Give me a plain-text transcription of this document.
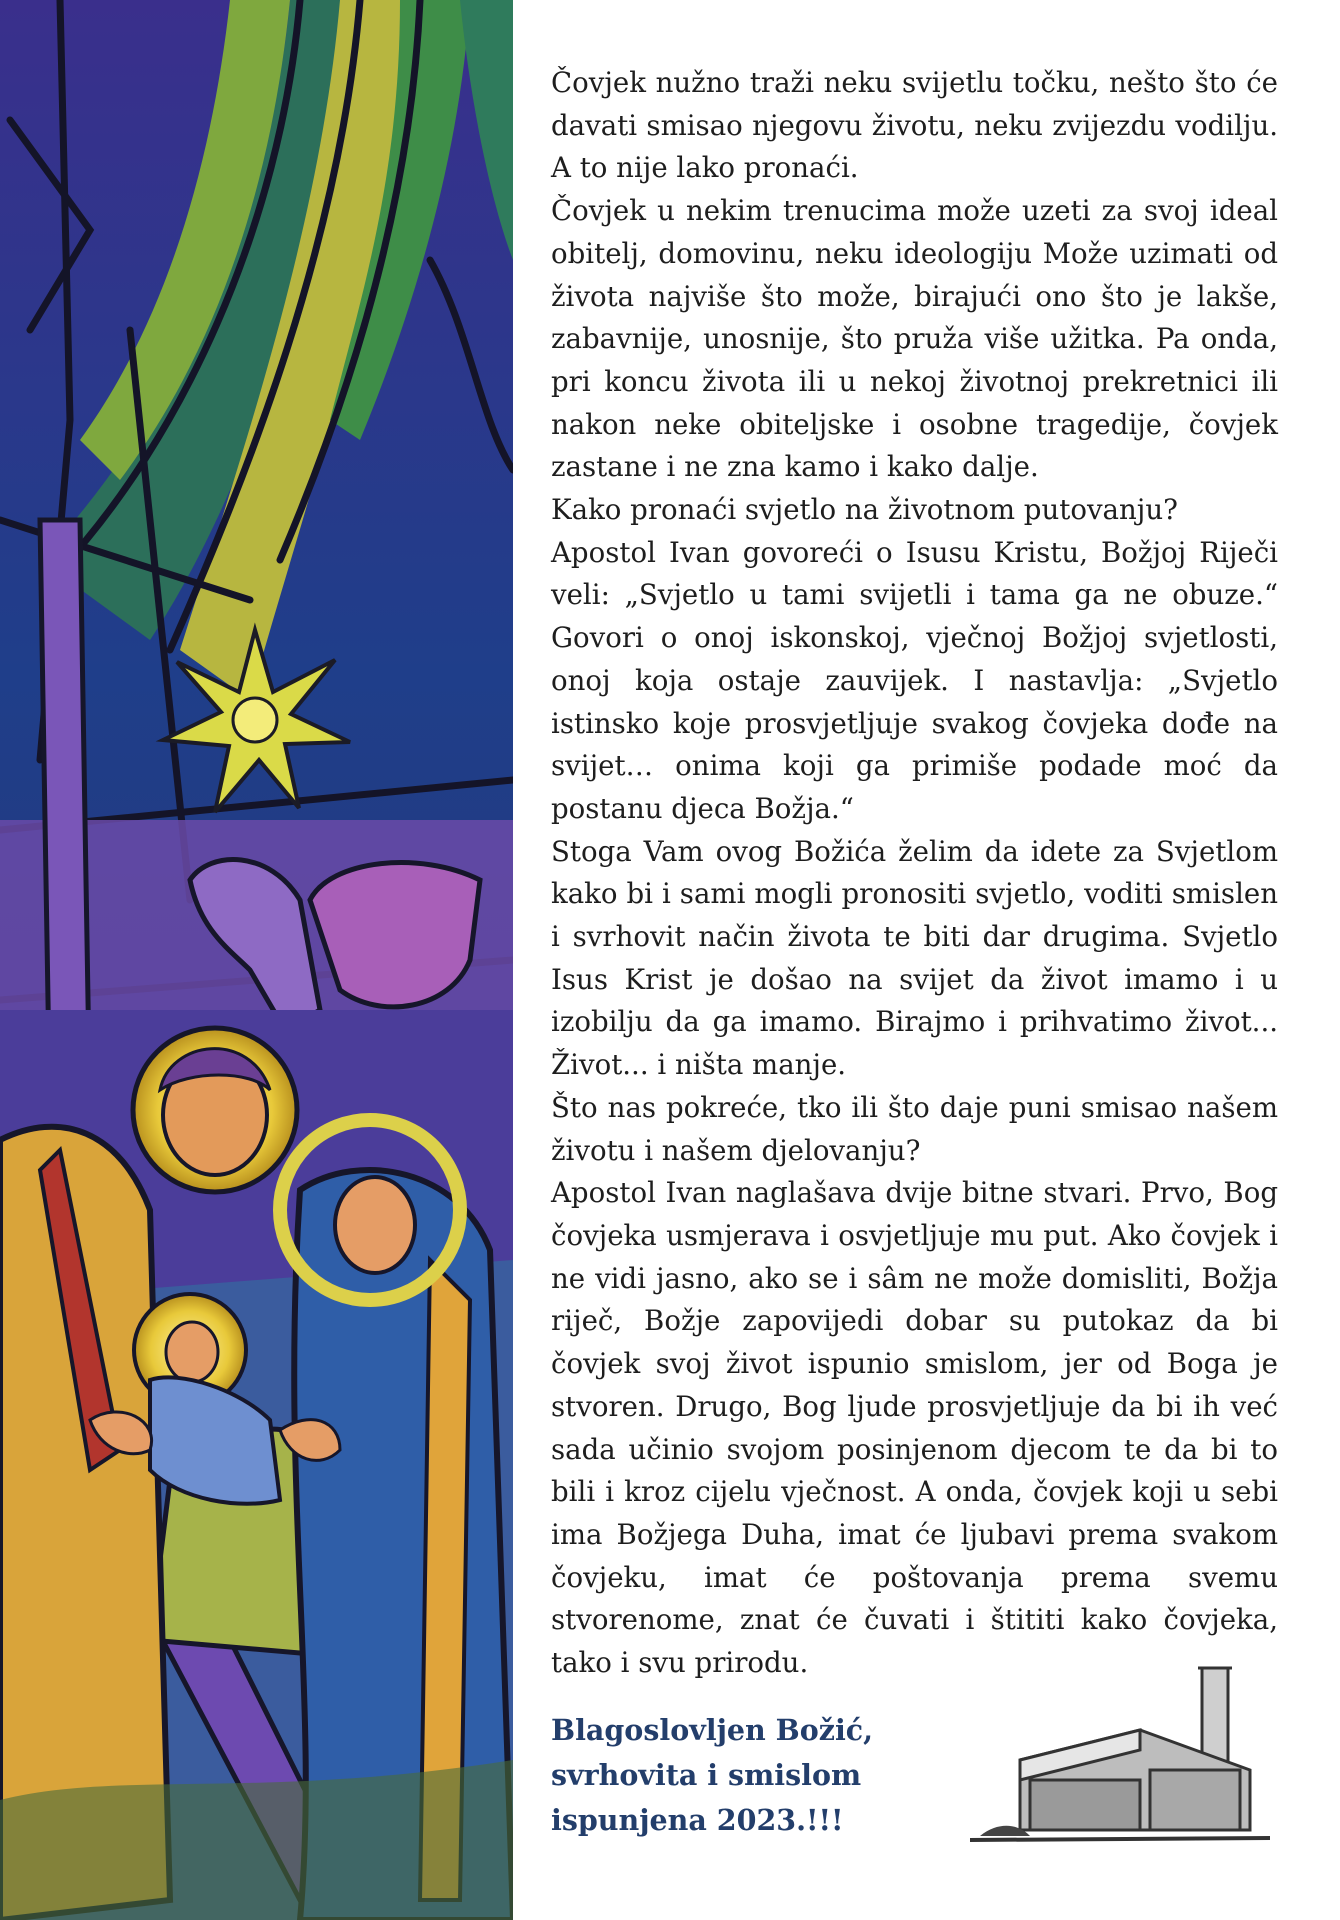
Čovjek nužno traži neku svijetlu točku, nešto što će davati smisao njegovu životu, neku zvijezdu vodilju. A to nije lako pronaći.

Čovjek u nekim trenucima može uzeti za svoj ideal obitelj, domovinu, neku ideologiju Može uzimati od života najviše što može, birajući ono što je lakše, zabavnije, unosnije, što pruža više užitka. Pa onda, pri koncu života ili u nekoj životnoj prekretnici ili nakon neke obiteljske i osobne tragedije, čovjek zastane i ne zna kamo i kako dalje.

Kako pronaći svjetlo na životnom putovanju?

Apostol Ivan govoreći o Isusu Kristu, Božjoj Riječi veli: „Svjetlo u tami svijetli i tama ga ne obuze.“ Govori o onoj iskonskoj, vječnoj Božjoj svjetlosti, onoj koja ostaje zauvijek. I nastavlja: „Svjetlo istinsko koje prosvjetljuje svakog čovjeka dođe na svijet… onima koji ga primiše podade moć da postanu djeca Božja.“

Stoga Vam ovog Božića želim da idete za Svjetlom kako bi i sami mogli pronositi svjetlo, voditi smislen i svrhovit način života te biti dar drugima. Svjetlo Isus Krist je došao na svijet da život imamo i u izobilju da ga imamo. Birajmo i prihvatimo život... Život... i ništa manje.

Što nas pokreće, tko ili što daje puni smisao našem životu i našem djelovanju?

Apostol Ivan naglašava dvije bitne stvari. Prvo, Bog čovjeka usmjerava i osvjetljuje mu put. Ako čovjek i ne vidi jasno, ako se i sâm ne može domisliti, Božja riječ, Božje zapovijedi dobar su putokaz da bi čovjek svoj život ispunio smislom, jer od Boga je stvoren. Drugo, Bog ljude prosvjetljuje da bi ih već sada učinio svojom posinjenom djecom te da bi to bili i kroz cijelu vječnost. A onda, čovjek koji u sebi ima Božjega Duha, imat će ljubavi prema svakom čovjeku, imat će poštovanja prema svemu stvorenome, znat će čuvati i štititi kako čovjeka, tako i svu prirodu.

Blagoslovljen Božić,
svrhovita i smislom
ispunjena 2023.!!!
